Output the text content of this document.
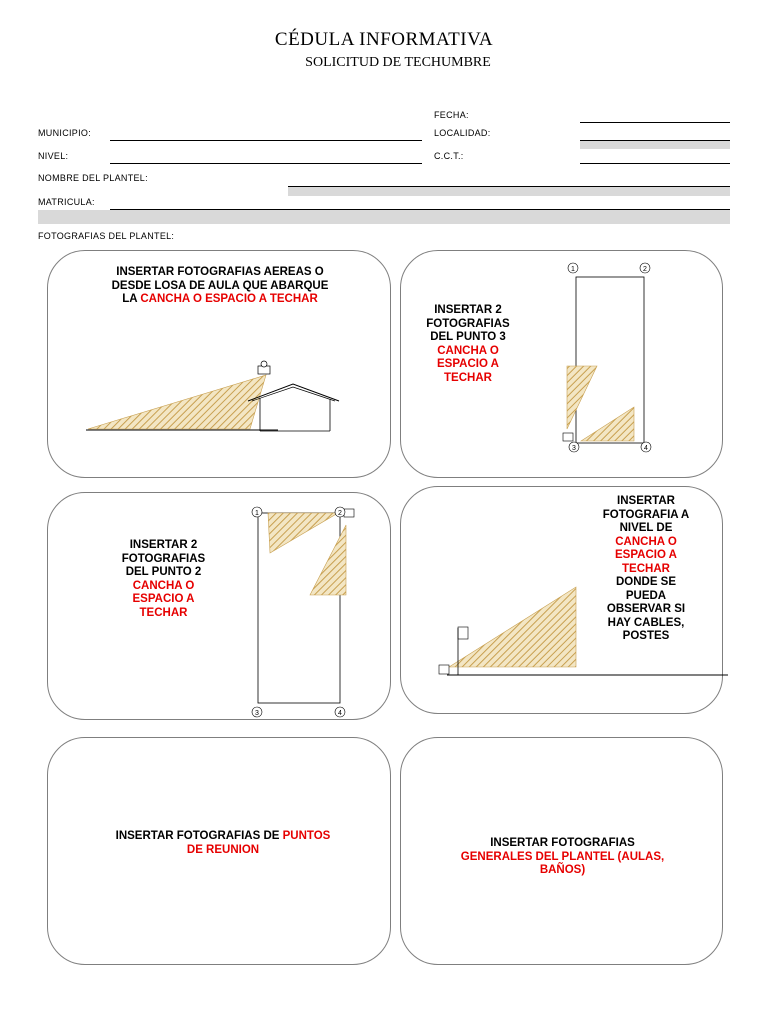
CÉDULA INFORMATIVA
SOLICITUD DE TECHUMBRE
FECHA:
MUNICIPIO:	LOCALIDAD:
NIVEL:	C.C.T.:
NOMBRE DEL PLANTEL:
MATRICULA:
FOTOGRAFIAS DEL PLANTEL:
INSERTAR FOTOGRAFIAS AEREAS O
DESDE LOSA DE AULA QUE ABARQUE
LA CANCHA O ESPACIO A TECHAR
INSERTAR 2
FOTOGRAFIAS
DEL PUNTO 3
CANCHA O
ESPACIO A
TECHAR
1	2
3	4
INSERTAR 2
FOTOGRAFIAS
DEL PUNTO 2
CANCHA O
ESPACIO A
TECHAR
1	2
3	4
INSERTAR
FOTOGRAFIA A
NIVEL DE
CANCHA O
ESPACIO A
TECHAR
DONDE SE
PUEDA
OBSERVAR SI
HAY CABLES,
POSTES
INSERTAR FOTOGRAFIAS DE PUNTOS
DE REUNION
INSERTAR FOTOGRAFIAS
GENERALES DEL PLANTEL (AULAS,
BAÑOS)
